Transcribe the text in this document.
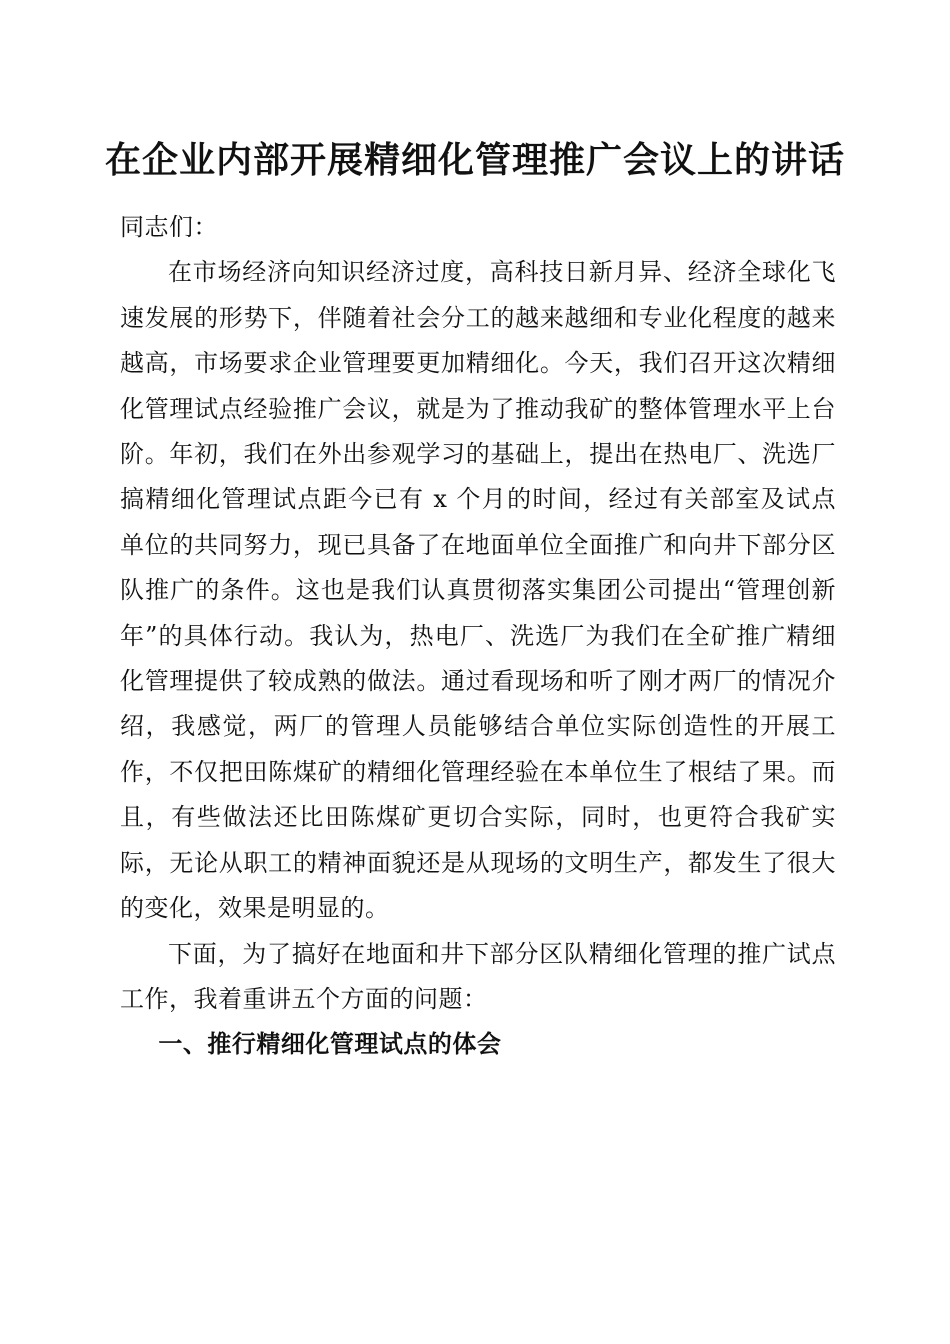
在企业内部开展精细化管理推广会议上的讲话

同志们：

在市场经济向知识经济过度，高科技日新月异、经济全球化飞速发展的形势下，伴随着社会分工的越来越细和专业化程度的越来越高，市场要求企业管理要更加精细化。今天，我们召开这次精细化管理试点经验推广会议，就是为了推动我矿的整体管理水平上台阶。年初，我们在外出参观学习的基础上，提出在热电厂、洗选厂搞精细化管理试点距今已有 x 个月的时间，经过有关部室及试点单位的共同努力，现已具备了在地面单位全面推广和向井下部分区队推广的条件。这也是我们认真贯彻落实集团公司提出“管理创新年”的具体行动。我认为，热电厂、洗选厂为我们在全矿推广精细化管理提供了较成熟的做法。通过看现场和听了刚才两厂的情况介绍，我感觉，两厂的管理人员能够结合单位实际创造性的开展工作，不仅把田陈煤矿的精细化管理经验在本单位生了根结了果。而且，有些做法还比田陈煤矿更切合实际，同时，也更符合我矿实际，无论从职工的精神面貌还是从现场的文明生产，都发生了很大的变化，效果是明显的。

下面，为了搞好在地面和井下部分区队精细化管理的推广试点工作，我着重讲五个方面的问题：

一、推行精细化管理试点的体会
